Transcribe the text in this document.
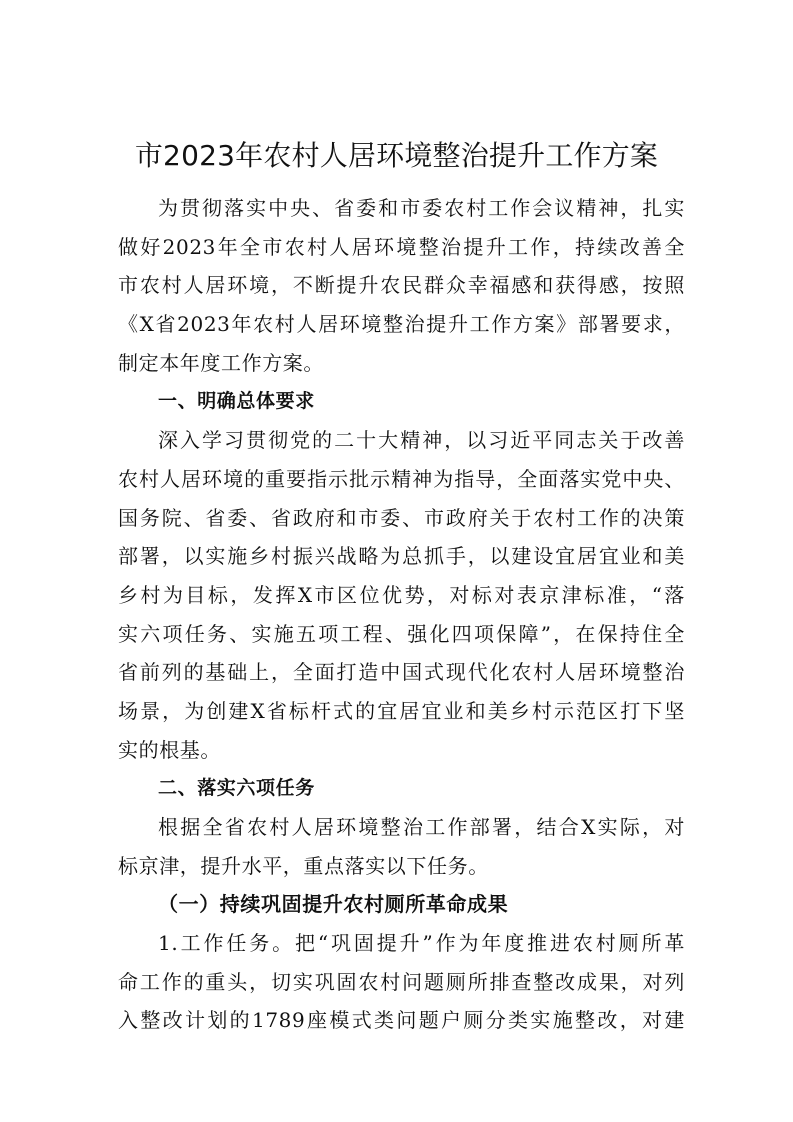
市2023年农村人居环境整治提升工作方案
为贯彻落实中央、省委和市委农村工作会议精神，扎实
做好2023年全市农村人居环境整治提升工作，持续改善全
市农村人居环境，不断提升农民群众幸福感和获得感，按照
《X省2023年农村人居环境整治提升工作方案》部署要求，
制定本年度工作方案。
一、明确总体要求
深入学习贯彻党的二十大精神，以习近平同志关于改善
农村人居环境的重要指示批示精神为指导，全面落实党中央、
国务院、省委、省政府和市委、市政府关于农村工作的决策
部署，以实施乡村振兴战略为总抓手，以建设宜居宜业和美
乡村为目标，发挥X市区位优势，对标对表京津标准，“落
实六项任务、实施五项工程、强化四项保障”，在保持住全
省前列的基础上，全面打造中国式现代化农村人居环境整治
场景，为创建X省标杆式的宜居宜业和美乡村示范区打下坚
实的根基。
二、落实六项任务
根据全省农村人居环境整治工作部署，结合X实际，对
标京津，提升水平，重点落实以下任务。
（一）持续巩固提升农村厕所革命成果
1.工作任务。把“巩固提升”作为年度推进农村厕所革
命工作的重头，切实巩固农村问题厕所排查整改成果，对列
入整改计划的1789座模式类问题户厕分类实施整改，对建
